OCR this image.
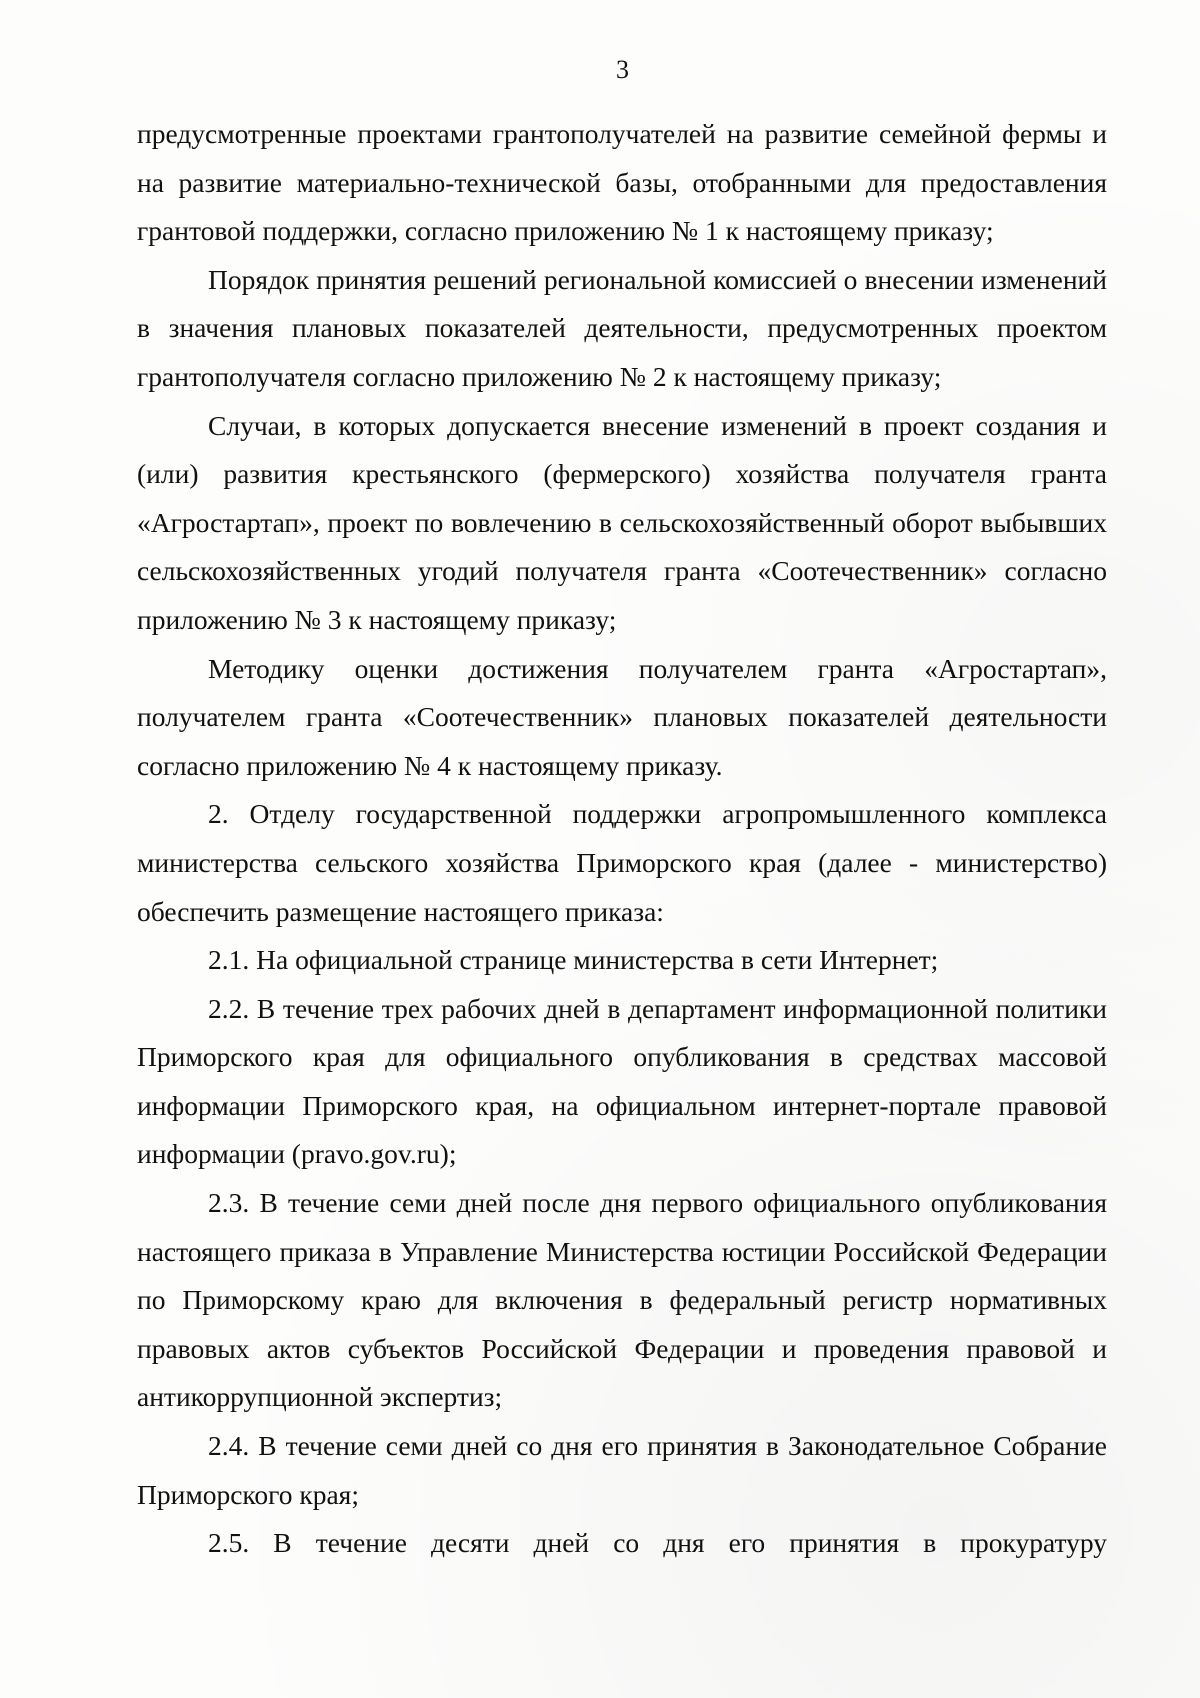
3

предусмотренные проектами грантополучателей на развитие семейной фермы и на развитие материально-технической базы, отобранными для предоставления грантовой поддержки, согласно приложению № 1 к настоящему приказу;

Порядок принятия решений региональной комиссией о внесении изменений в значения плановых показателей деятельности, предусмотренных проектом грантополучателя согласно приложению № 2 к настоящему приказу;

Случаи, в которых допускается внесение изменений в проект создания и (или) развития крестьянского (фермерского) хозяйства получателя гранта «Агростартап», проект по вовлечению в сельскохозяйственный оборот выбывших сельскохозяйственных угодий получателя гранта «Соотечественник» согласно приложению № 3 к настоящему приказу;

Методику оценки достижения получателем гранта «Агростартап», получателем гранта «Соотечественник» плановых показателей деятельности согласно приложению № 4 к настоящему приказу.

2. Отделу государственной поддержки агропромышленного комплекса министерства сельского хозяйства Приморского края (далее - министерство) обеспечить размещение настоящего приказа:

2.1. На официальной странице министерства в сети Интернет;

2.2. В течение трех рабочих дней в департамент информационной политики Приморского края для официального опубликования в средствах массовой информации Приморского края, на официальном интернет-портале правовой информации (pravo.gov.ru);

2.3. В течение семи дней после дня первого официального опубликования настоящего приказа в Управление Министерства юстиции Российской Федерации по Приморскому краю для включения в федеральный регистр нормативных правовых актов субъектов Российской Федерации и проведения правовой и антикоррупционной экспертиз;

2.4. В течение семи дней со дня его принятия в Законодательное Собрание Приморского края;

2.5. В течение десяти дней со дня его принятия в прокуратуру
